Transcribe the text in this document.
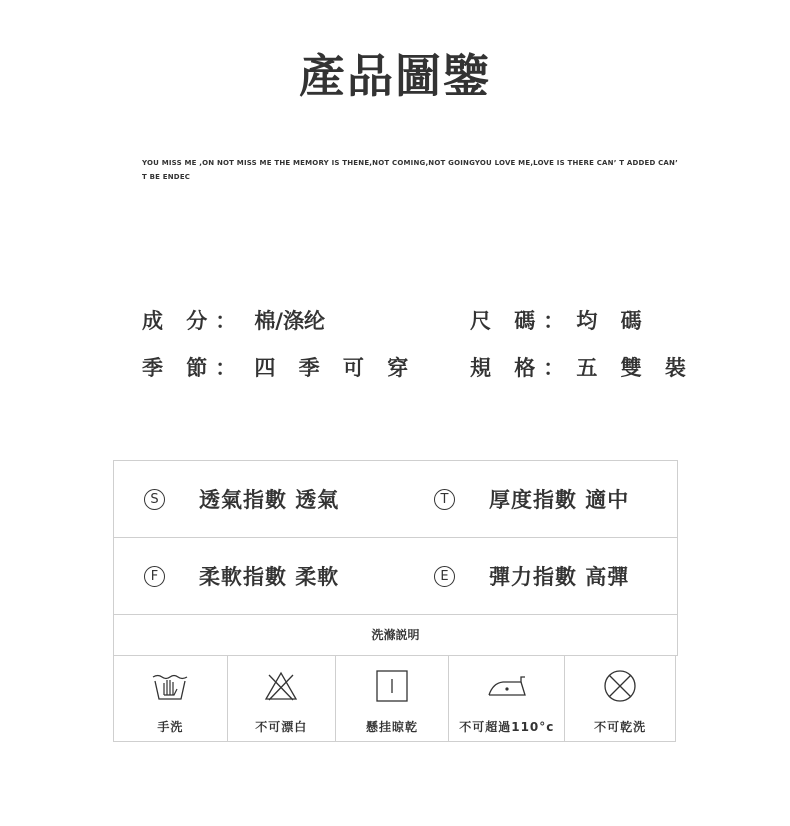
產品圖鑒
YOU MISS ME ,ON NOT MISS ME THE MEMORY IS THENE,NOT COMING,NOT GOINGYOU LOVE ME,LOVE IS THERE CAN’ T ADDED CAN’ T BE ENDEC
成 分： 棉/涤纶	尺 碼： 均 碼
季 節： 四 季 可 穿	規 格： 五 雙 裝
S	透氣指數 透氣	T	厚度指數 適中
F	柔軟指數 柔軟	E	彈力指數 高彈
洗滌説明
手洗	不可漂白	懸挂晾乾	不可超過110°c	不可乾洗
